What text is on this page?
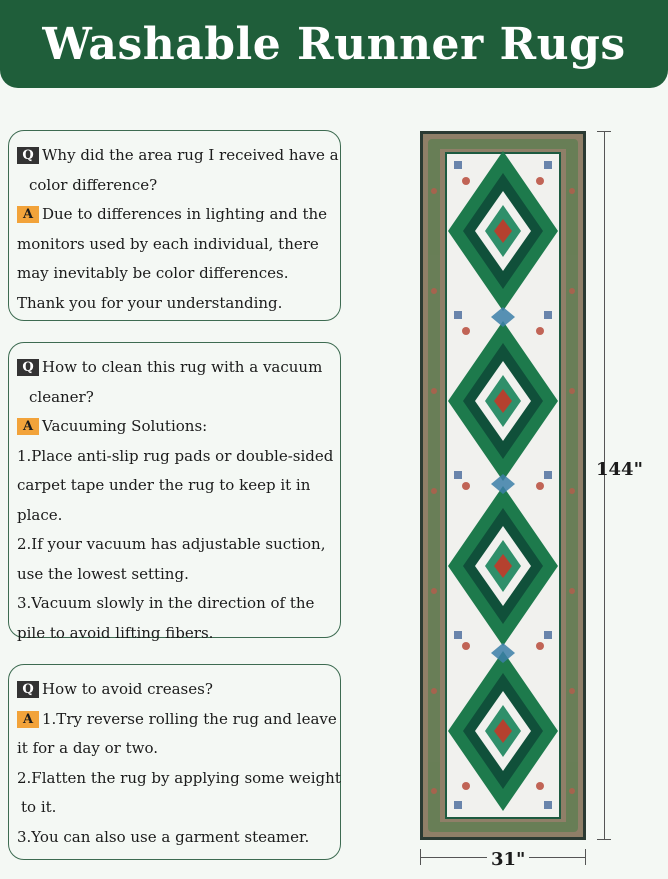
Washable Runner Rugs
Q Why did the area rug I received have a
color difference?
A Due to differences in lighting and the
monitors used by each individual, there
may inevitably be color differences.
Thank you for your understanding.
Q How to clean this rug with a vacuum
cleaner?
A Vacuuming Solutions:
1.Place anti-slip rug pads or double-sided
carpet tape under the rug to keep it in
place.
2.If your vacuum has adjustable suction,
use the lowest setting.
3.Vacuum slowly in the direction of the
pile to avoid lifting fibers.
Q How to avoid creases?
A 1.Try reverse rolling the rug and leave
it for a day or two.
2.Flatten the rug by applying some weight
to it.
3.You can also use a garment steamer.
144"
31"
